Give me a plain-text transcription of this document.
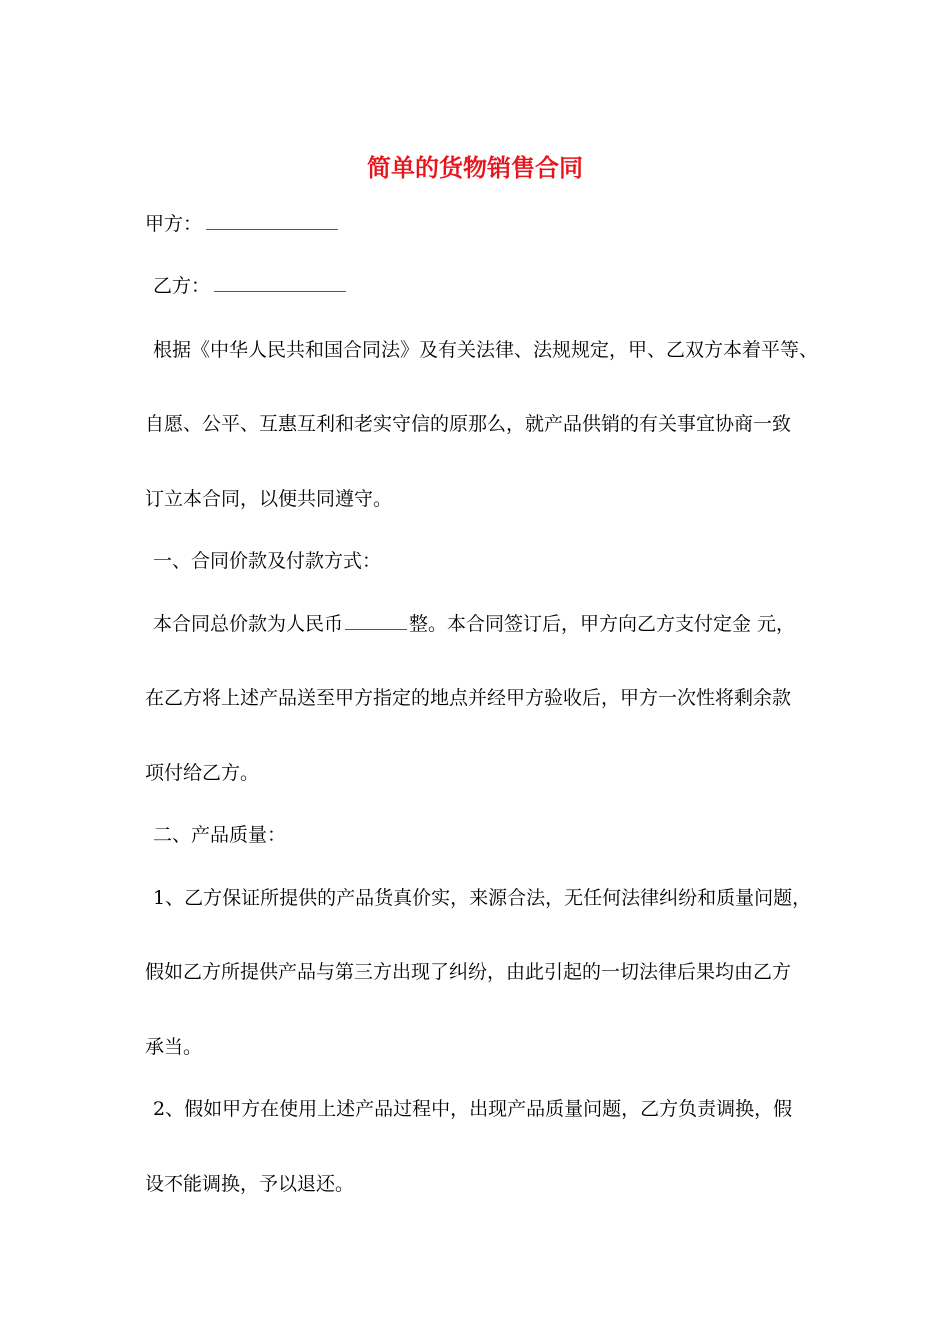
简单的货物销售合同
甲方：
乙方：
根据《中华人民共和国合同法》及有关法律、法规规定，甲、乙双方本着平等、
自愿、公平、互惠互利和老实守信的原那么，就产品供销的有关事宜协商一致
订立本合同，以便共同遵守。
一、合同价款及付款方式：
本合同总价款为人民币	整。本合同签订后，甲方向乙方支付定金 元，
在乙方将上述产品送至甲方指定的地点并经甲方验收后，甲方一次性将剩余款
项付给乙方。
二、产品质量：
1、乙方保证所提供的产品货真价实，来源合法，无任何法律纠纷和质量问题，
假如乙方所提供产品与第三方出现了纠纷，由此引起的一切法律后果均由乙方
承当。
2、假如甲方在使用上述产品过程中，出现产品质量问题，乙方负责调换，假
设不能调换，予以退还。
